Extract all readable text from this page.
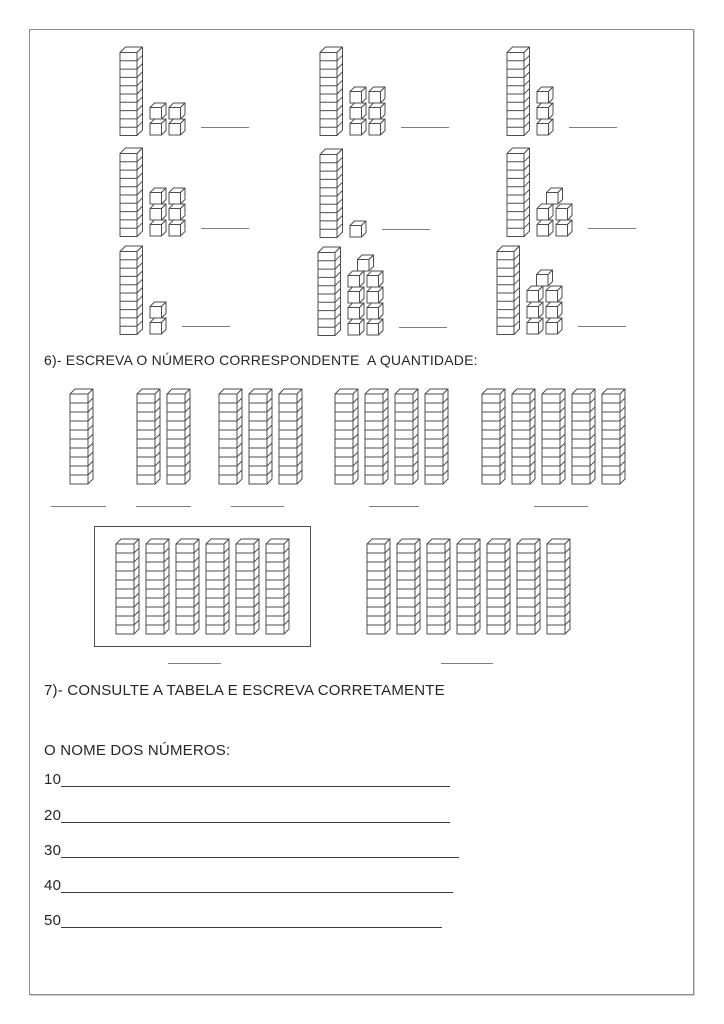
6)- ESCREVA O NÚMERO CORRESPONDENTE  A QUANTIDADE:
7)- CONSULTE A TABELA E ESCREVA CORRETAMENTE
O NOME DOS NÚMEROS:
10
20
30
40
50
